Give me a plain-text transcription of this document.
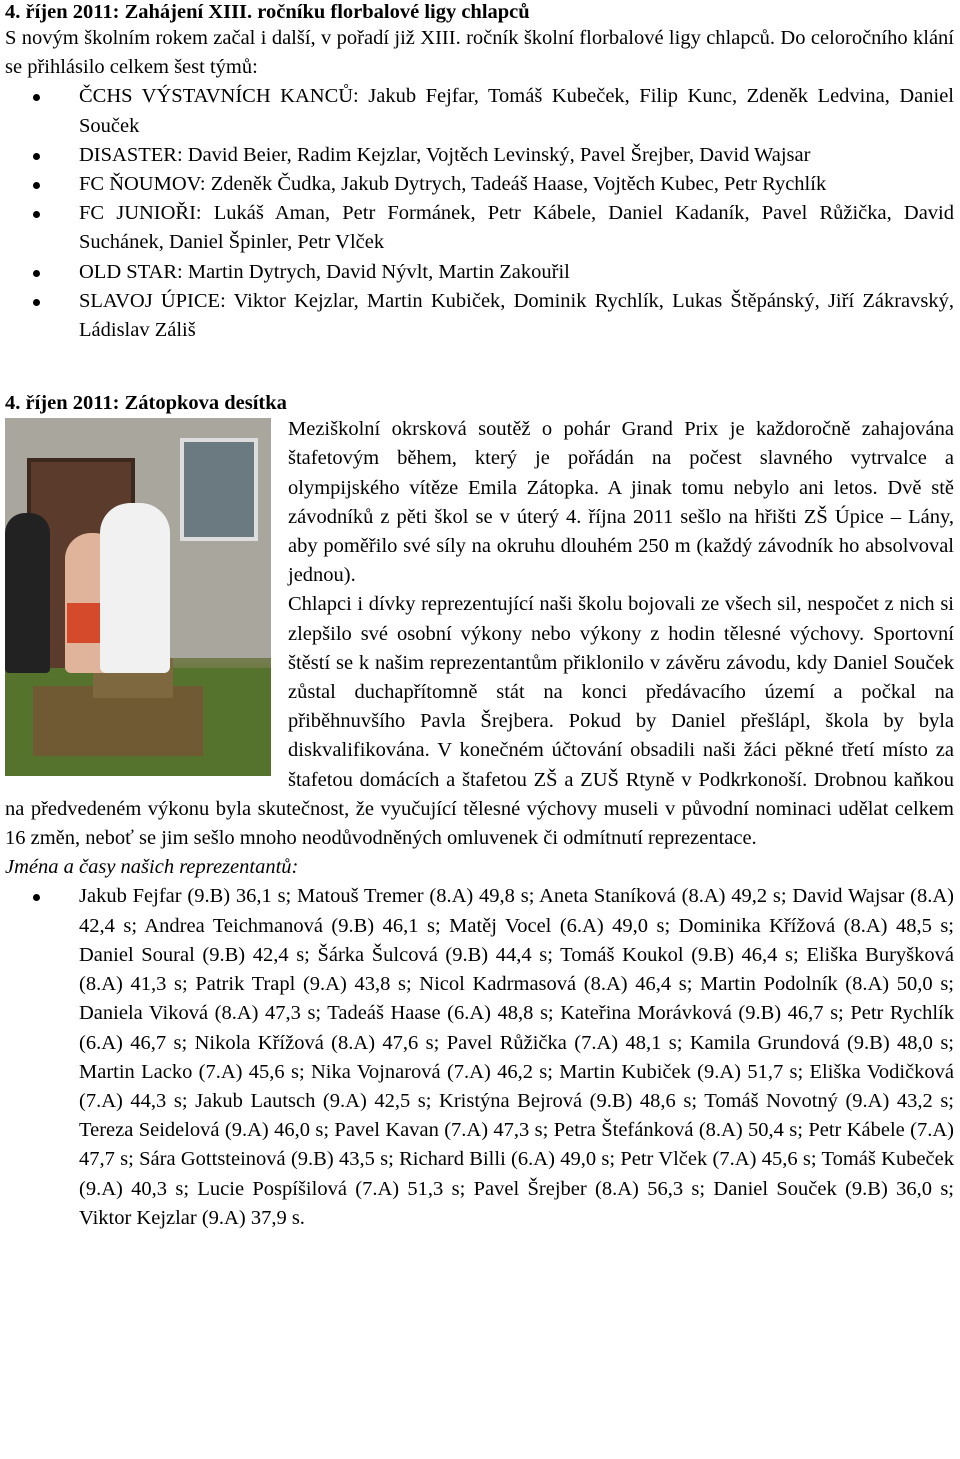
4. říjen 2011: Zahájení XIII. ročníku florbalové ligy chlapců

S novým školním rokem začal i další, v pořadí již XIII. ročník školní florbalové ligy chlapců. Do celoročního klání se přihlásilo celkem šest týmů:

ČCHS VÝSTAVNÍCH KANCŮ: Jakub Fejfar, Tomáš Kubeček, Filip Kunc, Zdeněk Ledvina, Daniel Souček
DISASTER: David Beier, Radim Kejzlar, Vojtěch Levinský, Pavel Šrejber, David Wajsar
FC ŇOUMOV: Zdeněk Čudka, Jakub Dytrych, Tadeáš Haase, Vojtěch Kubec, Petr Rychlík
FC JUNIOŘI: Lukáš Aman, Petr Formánek, Petr Kábele, Daniel Kadaník, Pavel Růžička, David Suchánek, Daniel Špinler, Petr Vlček
OLD STAR: Martin Dytrych, David Nývlt, Martin Zakouřil
SLAVOJ ÚPICE: Viktor Kejzlar, Martin Kubiček, Dominik Rychlík, Lukas Štěpánský, Jiří Zákravský, Ládislav Záliš
4. říjen 2011: Zátopkova desítka

Meziškolní okrsková soutěž o pohár Grand Prix je každoročně zahajována štafetovým během, který je pořádán na počest slavného vytrvalce a olympijského vítěze Emila Zátopka. A jinak tomu nebylo ani letos. Dvě stě závodníků z pěti škol se v úterý 4. října 2011 sešlo na hřišti ZŠ Úpice – Lány, aby poměřilo své síly na okruhu dlouhém 250 m (každý závodník ho absolvoval jednou).

Chlapci i dívky reprezentující naši školu bojovali ze všech sil, nespočet z nich si zlepšilo své osobní výkony nebo výkony z hodin tělesné výchovy. Sportovní štěstí se k našim reprezentantům přiklonilo v závěru závodu, kdy Daniel Souček zůstal duchapřítomně stát na konci předávacího území a počkal na přiběhnuvšího Pavla Šrejbera. Pokud by Daniel přešlápl, škola by byla diskvalifikována. V konečném účtování obsadili naši žáci pěkné třetí místo za štafetou domácích a štafetou ZŠ a ZUŠ Rtyně v Podkrkonoší. Drobnou kaňkou na předvedeném výkonu byla skutečnost, že vyučující tělesné výchovy museli v původní nominaci udělat celkem 16 změn, neboť se jim sešlo mnoho neodůvodněných omluvenek či odmítnutí reprezentace.

Jména a časy našich reprezentantů:

Jakub Fejfar (9.B) 36,1 s; Matouš Tremer (8.A) 49,8 s; Aneta Staníková (8.A) 49,2 s; David Wajsar (8.A) 42,4 s; Andrea Teichmanová (9.B) 46,1 s; Matěj Vocel (6.A) 49,0 s; Dominika Křížová (8.A) 48,5 s; Daniel Soural (9.B) 42,4 s; Šárka Šulcová (9.B) 44,4 s; Tomáš Koukol (9.B) 46,4 s; Eliška Buryšková (8.A) 41,3 s; Patrik Trapl (9.A) 43,8 s; Nicol Kadrmasová (8.A) 46,4 s; Martin Podolník (8.A) 50,0 s; Daniela Viková (8.A) 47,3 s; Tadeáš Haase (6.A) 48,8 s; Kateřina Morávková (9.B) 46,7 s; Petr Rychlík (6.A) 46,7 s; Nikola Křížová (8.A) 47,6 s; Pavel Růžička (7.A) 48,1 s; Kamila Grundová (9.B) 48,0 s; Martin Lacko (7.A) 45,6 s; Nika Vojnarová (7.A) 46,2 s; Martin Kubiček (9.A) 51,7 s; Eliška Vodičková (7.A) 44,3 s; Jakub Lautsch (9.A) 42,5 s; Kristýna Bejrová (9.B) 48,6 s; Tomáš Novotný (9.A) 43,2 s; Tereza Seidelová (9.A) 46,0 s; Pavel Kavan (7.A) 47,3 s; Petra Štefánková (8.A) 50,4 s; Petr Kábele (7.A) 47,7 s; Sára Gottsteinová (9.B) 43,5 s; Richard Billi (6.A) 49,0 s; Petr Vlček (7.A) 45,6 s; Tomáš Kubeček (9.A) 40,3 s; Lucie Pospíšilová (7.A) 51,3 s; Pavel Šrejber (8.A) 56,3 s; Daniel Souček (9.B) 36,0 s; Viktor Kejzlar (9.A) 37,9 s.
